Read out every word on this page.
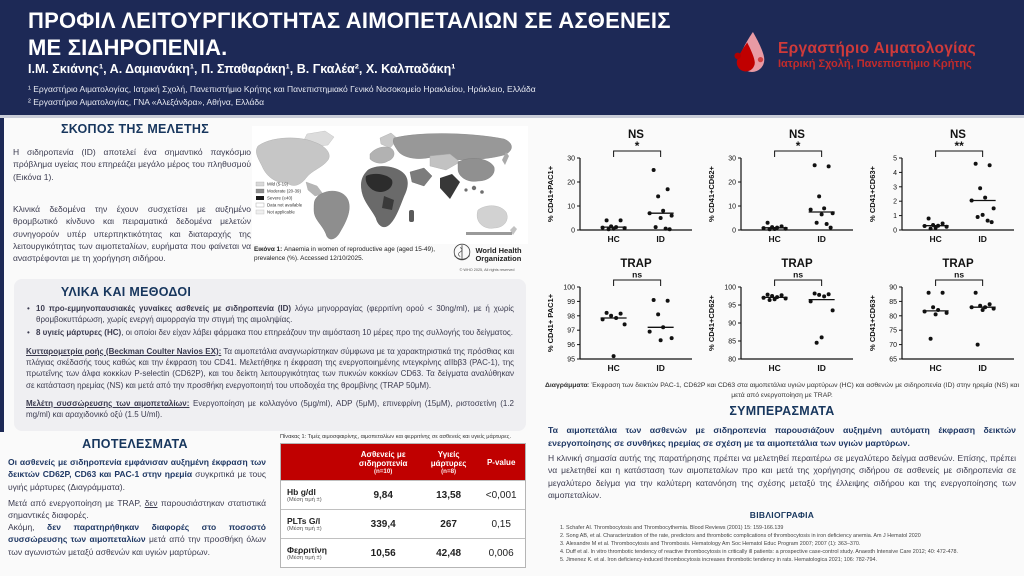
ΠΡΟΦΙΛ ΛΕΙΤΟΥΡΓΙΚΟΤΗΤΑΣ ΑΙΜΟΠΕΤΑΛΙΩΝ ΣΕ ΑΣΘΕΝΕΙΣ ΜΕ ΣΙΔΗΡΟΠΕΝΙΑ.
Ι.Μ. Σκιάνης¹, Α. Δαμιανάκη¹, Π. Σπαθαράκη¹, Β. Γκαλέα², Χ. Καλπαδάκη¹
¹ Εργαστήριο Αιματολογίας, Ιατρική Σχολή, Πανεπιστήμιο Κρήτης και Πανεπιστημιακό Γενικό Νοσοκομείο Ηρακλείου, Ηράκλειο, Ελλάδα
² Εργαστήριο Αιματολογίας, ΓΝΑ «Αλεξάνδρα», Αθήνα, Ελλάδα
Εργαστήριο Αιματολογίας
Ιατρική Σχολή, Πανεπιστήμιο Κρήτης
ΣΚΟΠΟΣ ΤΗΣ ΜΕΛΕΤΗΣ
Η σιδηροπενία (ID) αποτελεί ένα σημαντικό παγκόσμιο πρόβλημα υγείας που επηρεάζει μεγάλο μέρος του πληθυσμού (Εικόνα 1).
Κλινικά δεδομένα την έχουν συσχετίσει με αυξημένο θρομβωτικό κίνδυνο και πειραματικά δεδομένα μελετών συνηγορούν υπέρ υπερπηκτικότητας και διαταραχής της λειτουργικότητας των αιμοπεταλίων, ευρήματα που φαίνεται να αναστρέφονται με τη χορήγηση σιδήρου.
Mild (5-19)
Moderate (20-39)
Severe (≥40)
Data not available
Not applicable
Εικόνα 1: Anaemia in women of reproductive age (aged 15-49), prevalence (%). Accessed 12/10/2025.
World Health
Organization
© WHO 2025, All rights reserved
ΥΛΙΚΑ ΚΑΙ ΜΕΘΟΔΟΙ
• 10 προ-εμμηνοπαυσιακές γυναίκες ασθενείς με σιδηροπενία (ID) λόγω μηνορραγίας (φερριτίνη ορού < 30ng/ml), με ή χωρίς θρομβοκυττάρωση, χωρίς ενεργή αιμορραγία την στιγμή της αιμοληψίας.
• 8 υγιείς μάρτυρες (HC), οι οποίοι δεν είχαν λάβει φάρμακα που επηρεάζουν την αιμόσταση 10 μέρες προ της συλλογής του δείγματος.
Κυτταρομετρία ροής (Beckman Coulter Navios EX): Τα αιμοπετάλια αναγνωρίστηκαν σύμφωνα με τα χαρακτηριστικά της πρόσθιας και πλάγιας σκέδασής τους καθώς και την έκφραση του CD41. Μελετήθηκε η έκφραση της ενεργοποιημένης ιντεγκρίνης αIIbβ3 (PAC-1), της πρωτεΐνης των άλφα κοκκίων P-selectin (CD62P), και του δείκτη λειτουργικότητας των πυκνών κοκκίων CD63. Τα δείγματα αναλύθηκαν σε κατάσταση ηρεμίας (NS) και μετά από την προσθήκη ενεργοποιητή του υποδοχέα της θρομβίνης (TRAP 50μΜ).
Μελέτη συσσώρευσης των αιμοπεταλίων: Ενεργοποίηση με κολλαγόνο (5μg/ml), ADP (5μΜ), επινεφρίνη (15μΜ), ριστοσετίνη (1.2 mg/ml) και αραχιδονικό οξύ (1.5 U/ml).
ΑΠΟΤΕΛΕΣΜΑΤΑ
Οι ασθενείς με σιδηροπενία εμφάνισαν αυξημένη έκφραση των δεικτών CD62P, CD63 και PAC-1 στην ηρεμία συγκριτικά με τους υγιής μάρτυρες (Διαγράμματα).
Μετά από ενεργοποίηση με TRAP, δεν παρουσιάστηκαν στατιστικά σημαντικές διαφορές.
Ακόμη, δεν παρατηρήθηκαν διαφορές στο ποσοστό συσσώρευσης των αιμοπεταλίων μετά από την προσθήκη όλων των αγωνιστών μεταξύ ασθενών και υγιών μαρτύρων.
Πίνακας 1: Τιμές αιμοσφαιρίνης, αιμοπεταλίων και φερριτίνης σε ασθενείς και υγιείς μάρτυρες.
Ασθενείς με σιδηροπενία
(n=10)
Υγιείς μάρτυρες
(n=8)
P-value
Hb g/dl
(Μέση τιμή ±)	9,84	13,58	<0,001
PLTs G/l
(Μέση τιμή ±)	339,4	267	0,15
Φερριτίνη
(Μέση τιμή ±)	10,56	42,48	0,006
NS
*
0
10
20
30
% CD41+PAC1+
HC	ID
NS
*
0
10
20
30
% CD41+CD62+
HC	ID
NS
**
0
1
2
3
4
5
% CD41+CD63+
HC	ID
TRAP
ns
95
96
97
98
99
100
% CD41+ PAC1+
HC	ID
TRAP
ns
80
85
90
95
100
% CD41+CD62+
HC	ID
TRAP
ns
65
70
75
80
85
90
% CD41+CD63+
HC	ID
Διαγράμματα: Έκφραση των δεικτών PAC-1, CD62P και CD63 στα αιμοπετάλια υγιών μαρτύρων (HC) και ασθενών με σιδηροπενία (ID) στην ηρεμία (NS) και μετά από ενεργοποίηση με TRAP.
ΣΥΜΠΕΡΑΣΜΑΤΑ
Τα αιμοπετάλια των ασθενών με σιδηροπενία παρουσιάζουν αυξημένη αυτόματη έκφραση δεικτών ενεργοποίησης σε συνθήκες ηρεμίας σε σχέση με τα αιμοπετάλια των υγιών μαρτύρων.
Η κλινική σημασία αυτής της παρατήρησης πρέπει να μελετηθεί περαιτέρω σε μεγαλύτερο δείγμα ασθενών. Επίσης, πρέπει να μελετηθεί και η κατάσταση των αιμοπεταλίων προ και μετά της χορήγησης σιδήρου σε ασθενείς με σιδηροπενία σε μεγαλύτερο δείγμα για την καλύτερη κατανόηση της σχέσης μεταξύ της έλλειψης σιδήρου και της ενεργοποίησης των αιμοπεταλίων.
ΒΙΒΛΙΟΓΡΑΦΙΑ
1. Schafer AI. Thrombocytosis and Thrombocythemia. Blood Reviews (2001) 15: 159-166.139
2. Song AB, et al. Characterization of the rate, predictors and thrombotic complications of thrombocytosis in iron deficiency anemia. Am J Hematol 2020
3. Alexandre M et al. Thrombocytosis and Thrombosis. Hematology Am Soc Hematol Educ Program 2007; 2007 (1): 363–370.
4. Duff et al. In vitro thrombotic tendency of reactive thrombocytosis in critically ill patients: a prospective case-control study. Anaesth Intensive Care 2012; 40: 472-478.
5. Jimenez K. et al. Iron deficiency-induced thrombocytosis increases thrombotic tendency in rats. Hematologica 2021; 106: 782-794.
